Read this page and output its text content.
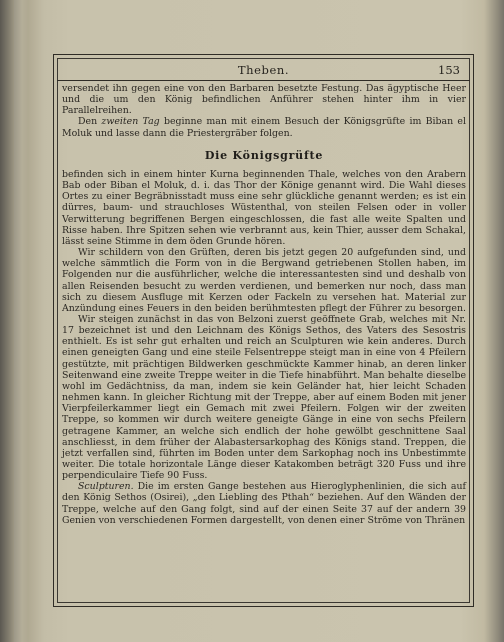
Theben.	153

versendet ihn gegen eine von den Barbaren besetzte Festung. Das ägyptische Heer und die um den König befindlichen Anführer stehen hinter ihm in vier Parallelreihen.

Den zweiten Tag beginne man mit einem Besuch der Königsgrüfte im Biban el Moluk und lasse dann die Priestergräber folgen.

Die Königsgrüfte

befinden sich in einem hinter Kurna beginnenden Thale, welches von den Arabern Bab oder Biban el Moluk, d. i. das Thor der Könige genannt wird. Die Wahl dieses Ortes zu einer Begräbnisstadt muss eine sehr glückliche genannt werden; es ist ein dürres, baum- und strauchloses Wüstenthal, von steilen Felsen oder in voller Verwitterung begriffenen Bergen eingeschlossen, die fast alle weite Spalten und Risse haben. Ihre Spitzen sehen wie verbrannt aus, kein Thier, ausser dem Schakal, lässt seine Stimme in dem öden Grunde hören.

Wir schildern von den Grüften, deren bis jetzt gegen 20 aufgefunden sind, und welche sämmtlich die Form von in die Bergwand getriebenen Stollen haben, im Folgenden nur die ausführlicher, welche die interessantesten sind und deshalb von allen Reisenden besucht zu werden verdienen, und bemerken nur noch, dass man sich zu diesem Ausfluge mit Kerzen oder Fackeln zu versehen hat. Material zur Anzündung eines Feuers in den beiden berühmtesten pflegt der Führer zu besorgen.

Wir steigen zunächst in das von Belzoni zuerst geöffnete Grab, welches mit Nr. 17 bezeichnet ist und den Leichnam des Königs Sethos, des Vaters des Sesostris enthielt. Es ist sehr gut erhalten und reich an Sculpturen wie kein anderes. Durch einen geneigten Gang und eine steile Felsentreppe steigt man in eine von 4 Pfeilern gestützte, mit prächtigen Bildwerken geschmückte Kammer hinab, an deren linker Seitenwand eine zweite Treppe weiter in die Tiefe hinabführt. Man behalte dieselbe wohl im Gedächtniss, da man, indem sie kein Geländer hat, hier leicht Schaden nehmen kann. In gleicher Richtung mit der Treppe, aber auf einem Boden mit jener Vierpfeilerkammer liegt ein Gemach mit zwei Pfeilern. Folgen wir der zweiten Treppe, so kommen wir durch weitere geneigte Gänge in eine von sechs Pfeilern getragene Kammer, an welche sich endlich der hohe gewölbt geschnittene Saal anschliesst, in dem früher der Alabastersarkophag des Königs stand. Treppen, die jetzt verfallen sind, führten im Boden unter dem Sarkophag noch ins Unbestimmte weiter. Die totale horizontale Länge dieser Katakomben beträgt 320 Fuss und ihre perpendiculaire Tiefe 90 Fuss.

Sculpturen. Die im ersten Gange bestehen aus Hieroglyphenlinien, die sich auf den König Sethos (Osirei), „den Liebling des Pthah“ beziehen. Auf den Wänden der Treppe, welche auf den Gang folgt, sind auf der einen Seite 37 auf der andern 39 Genien von verschiedenen Formen dargestellt, von denen einer Ströme von Thränen
